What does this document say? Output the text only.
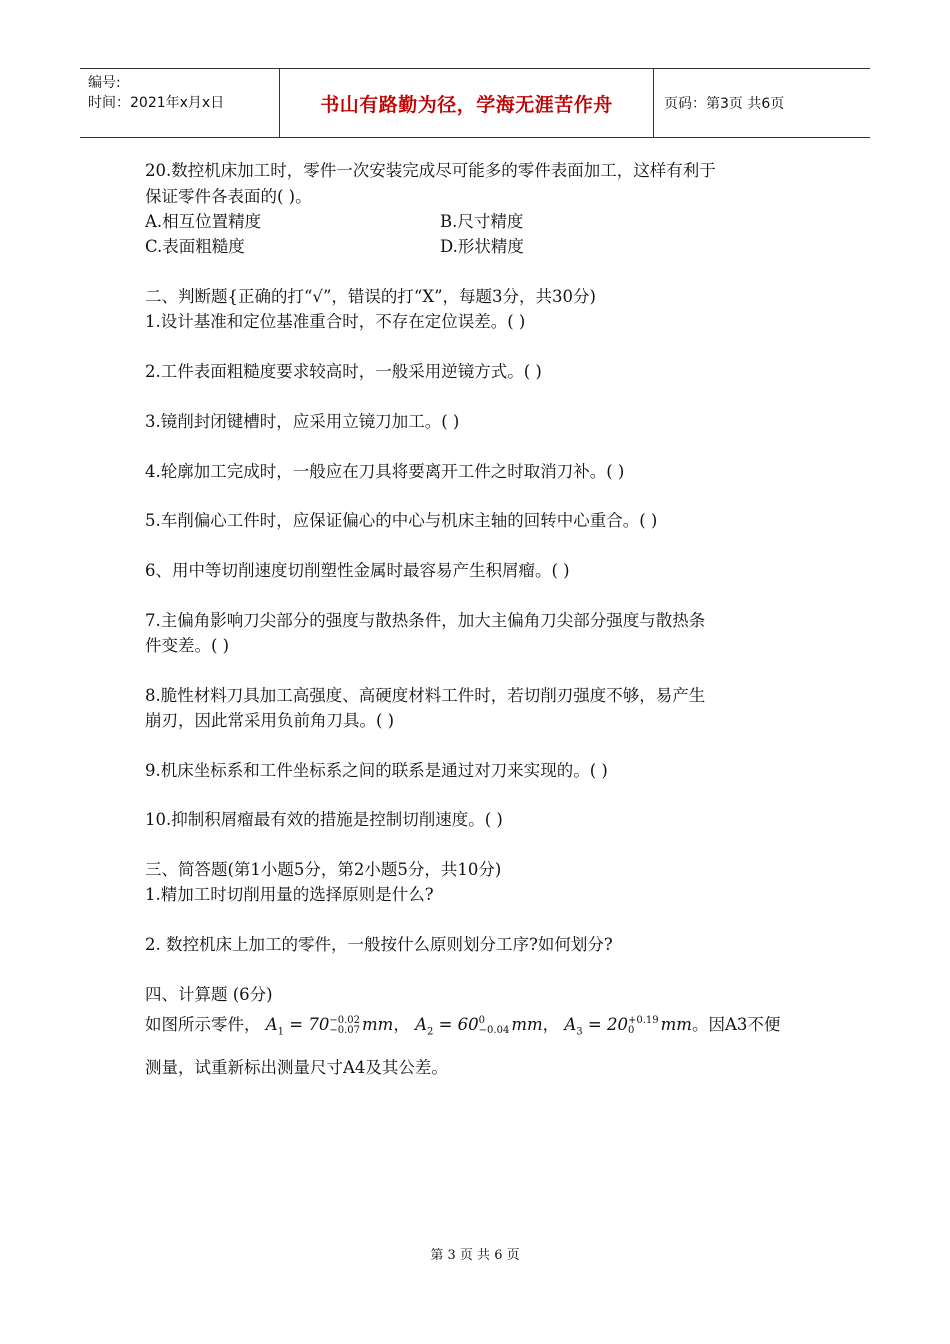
编号:
时间：2021年x月x日	书山有路勤为径，学海无涯苦作舟	页码：第3页 共6页
20.数控机床加工时，零件一次安装完成尽可能多的零件表面加工，这样有利于
保证零件各表面的( )。
A.相互位置精度	B.尺寸精度
C.表面粗糙度	D.形状精度
二、判断题{正确的打“√”，错误的打“X”，每题3分，共30分)
1.设计基准和定位基准重合时，不存在定位误差。( )
2.工件表面粗糙度要求较高时，一般采用逆镜方式。( )
3.镜削封闭键槽时，应采用立镜刀加工。( )
4.轮廓加工完成时，一般应在刀具将要离开工件之时取消刀补。( )
5.车削偏心工件时，应保证偏心的中心与机床主轴的回转中心重合。( )
6、用中等切削速度切削塑性金属时最容易产生积屑瘤。( )
7.主偏角影响刀尖部分的强度与散热条件，加大主偏角刀尖部分强度与散热条
件变差。( )
8.脆性材料刀具加工高强度、高硬度材料工件时，若切削刃强度不够，易产生
崩刃，因此常采用负前角刀具。( )
9.机床坐标系和工件坐标系之间的联系是通过对刀来实现的。( )
10.抑制积屑瘤最有效的措施是控制切削速度。( )
三、简答题(第1小题5分，第2小题5分，共10分)
1.精加工时切削用量的选择原则是什么?
2. 数控机床上加工的零件，一般按什么原则划分工序?如何划分?
四、计算题 (6分)
如图所示零件， $A_1 = 70 -0.02$
−0.07 mm， $A_2 = 60$ 0
−0.04 mm， $A_3 = 20 +0.19$
0	mm。因A3不便
测量，试重新标出测量尺寸A4及其公差。
第 3 页 共 6 页
